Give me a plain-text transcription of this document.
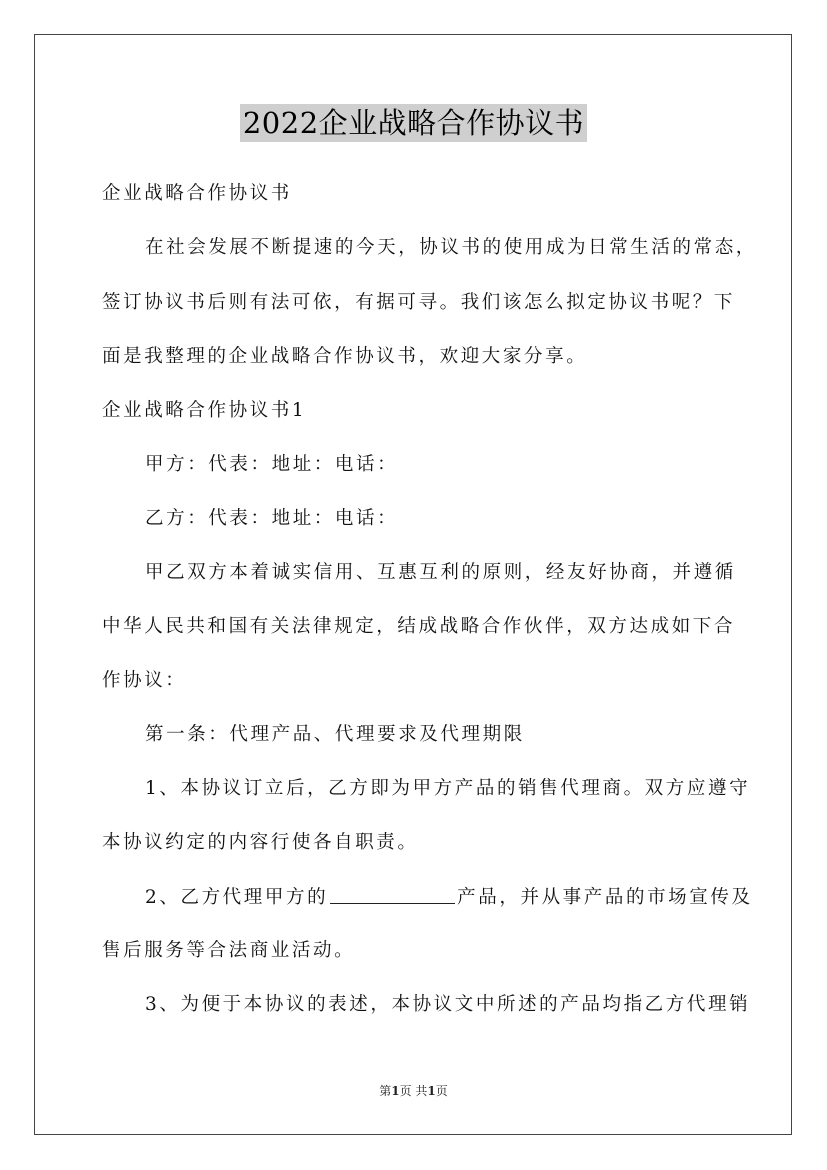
2022企业战略合作协议书
企业战略合作协议书
在社会发展不断提速的今天，协议书的使用成为日常生活的常态，
签订协议书后则有法可依，有据可寻。我们该怎么拟定协议书呢？下
面是我整理的企业战略合作协议书，欢迎大家分享。
企业战略合作协议书1
甲方：代表：地址：电话：
乙方：代表：地址：电话：
甲乙双方本着诚实信用、互惠互利的原则，经友好协商，并遵循
中华人民共和国有关法律规定，结成战略合作伙伴，双方达成如下合
作协议：
第一条：代理产品、代理要求及代理期限
1、本协议订立后，乙方即为甲方产品的销售代理商。双方应遵守
本协议约定的内容行使各自职责。
2、乙方代理甲方的	产品，并从事产品的市场宣传及
售后服务等合法商业活动。
3、为便于本协议的表述，本协议文中所述的产品均指乙方代理销
第1页 共1页
